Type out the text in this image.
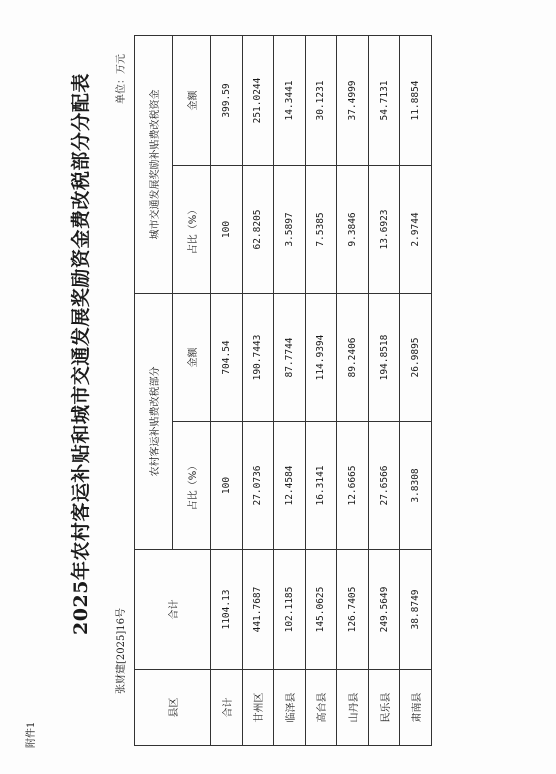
附件1
2025年农村客运补贴和城市交通发展奖励资金费改税部分分配表
张财建[2025]16号
单位：万元
县区	合计	农村客运补贴费改税部分		城市交通发展奖励补贴费改税资金	
		占比（%）	金额	占比（%）	金额
合计	1104.13	100	704.54	100	399.59
甘州区	441.7687	27.0736	190.7443	62.8205	251.0244
临泽县	102.1185	12.4584	87.7744	3.5897	14.3441
高台县	145.0625	16.3141	114.9394	7.5385	30.1231
山丹县	126.7405	12.6665	89.2406	9.3846	37.4999
民乐县	249.5649	27.6566	194.8518	13.6923	54.7131
肃南县	38.8749	3.8308	26.9895	2.9744	11.8854
